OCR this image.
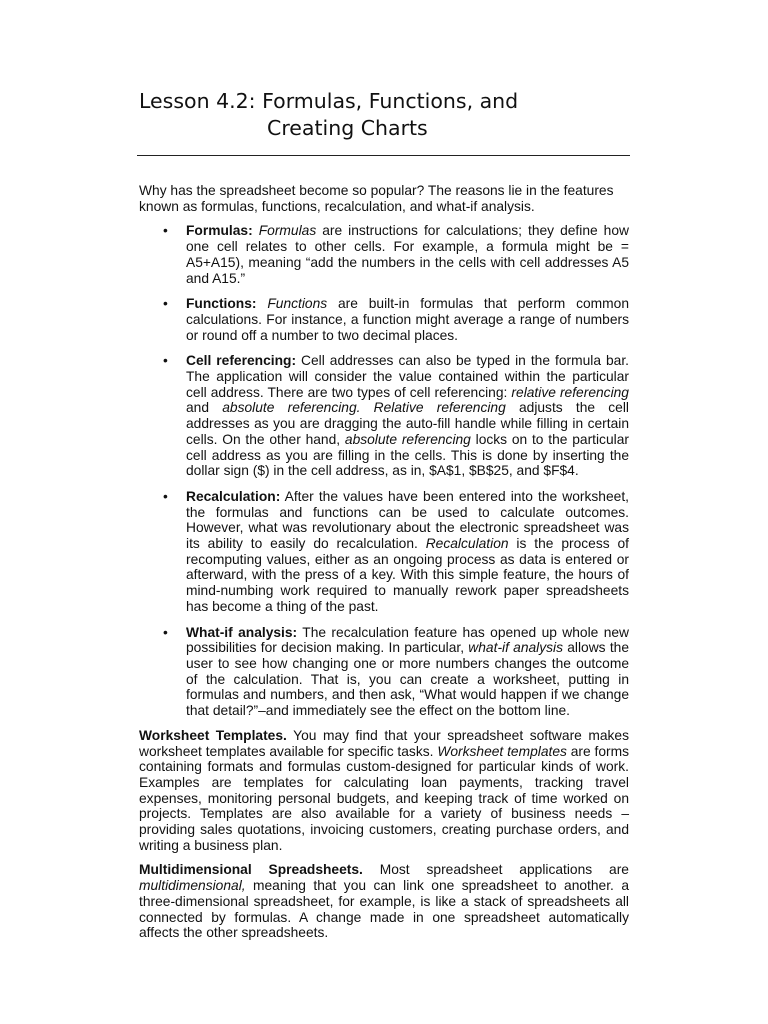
Lesson 4.2: Formulas, Functions, and
Creating Charts

Why has the spreadsheet become so popular? The reasons lie in the features known as formulas, functions, recalculation, and what-if analysis.

• Formulas: Formulas are instructions for calculations; they define how one cell relates to other cells. For example, a formula might be = A5+A15), meaning “add the numbers in the cells with cell addresses A5 and A15.”
• Functions: Functions are built-in formulas that perform common calculations. For instance, a function might average a range of numbers or round off a number to two decimal places.
• Cell referencing: Cell addresses can also be typed in the formula bar. The application will consider the value contained within the particular cell address. There are two types of cell referencing: relative referencing and absolute referencing. Relative referencing adjusts the cell addresses as you are dragging the auto-fill handle while filling in certain cells. On the other hand, absolute referencing locks on to the particular cell address as you are filling in the cells. This is done by inserting the dollar sign ($) in the cell address, as in, $A$1, $B$25, and $F$4.
• Recalculation: After the values have been entered into the worksheet, the formulas and functions can be used to calculate outcomes. However, what was revolutionary about the electronic spreadsheet was its ability to easily do recalculation. Recalculation is the process of recomputing values, either as an ongoing process as data is entered or afterward, with the press of a key. With this simple feature, the hours of mind-numbing work required to manually rework paper spreadsheets has become a thing of the past.
• What-if analysis: The recalculation feature has opened up whole new possibilities for decision making. In particular, what-if analysis allows the user to see how changing one or more numbers changes the outcome of the calculation. That is, you can create a worksheet, putting in formulas and numbers, and then ask, “What would happen if we change that detail?”–and immediately see the effect on the bottom line.

Worksheet Templates. You may find that your spreadsheet software makes worksheet templates available for specific tasks. Worksheet templates are forms containing formats and formulas custom-designed for particular kinds of work. Examples are templates for calculating loan payments, tracking travel expenses, monitoring personal budgets, and keeping track of time worked on projects. Templates are also available for a variety of business needs – providing sales quotations, invoicing customers, creating purchase orders, and writing a business plan.

Multidimensional Spreadsheets. Most spreadsheet applications are multidimensional, meaning that you can link one spreadsheet to another. a three-dimensional spreadsheet, for example, is like a stack of spreadsheets all connected by formulas. A change made in one spreadsheet automatically affects the other spreadsheets.
